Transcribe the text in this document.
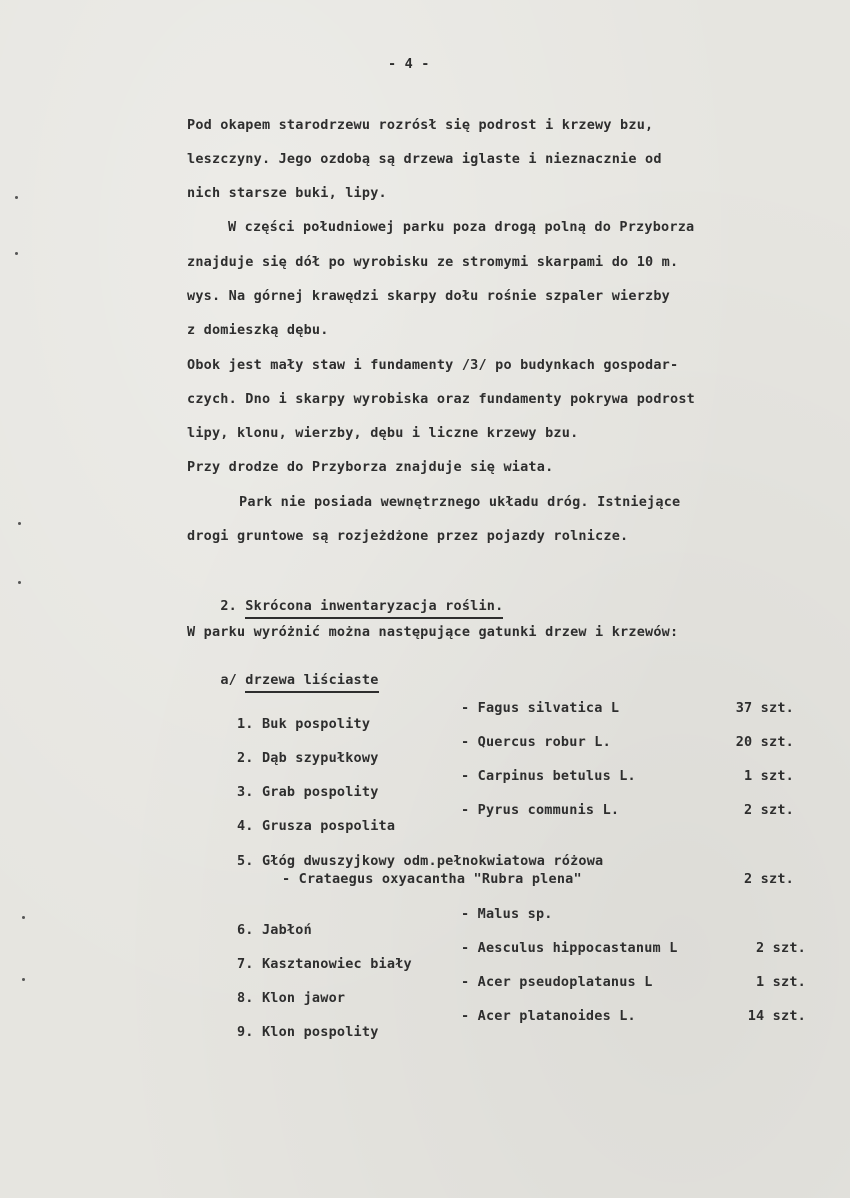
- 4 -
Pod okapem starodrzewu rozrósł się podrost i krzewy bzu,
leszczyny. Jego ozdobą są drzewa iglaste i nieznacznie od
nich starsze buki, lipy.
W części południowej parku poza drogą polną do Przyborza
znajduje się dół po wyrobisku ze stromymi skarpami do 10 m.
wys. Na górnej krawędzi skarpy dołu rośnie szpaler wierzby
z domieszką dębu.
Obok jest mały staw i fundamenty /3/ po budynkach gospodar-
czych. Dno i skarpy wyrobiska oraz fundamenty pokrywa podrost
lipy, klonu, wierzby, dębu i liczne krzewy bzu.
Przy drodze do Przyborza znajduje się wiata.
Park nie posiada wewnętrznego układu dróg. Istniejące
drogi gruntowe są rozjeżdżone przez pojazdy rolnicze.

2. Skrócona inwentaryzacja roślin.

W parku wyróżnić można następujące gatunki drzew i krzewów:

a/ drzewa liściaste

1. Buk pospolity

- Fagus silvatica L	37 szt.

2. Dąb szypułkowy

- Quercus robur L.	20 szt.

3. Grab pospolity

- Carpinus betulus L.	1 szt.

4. Grusza pospolita

- Pyrus communis L.	2 szt.

5. Głóg dwuszyjkowy odm.pełnokwiatowa różowa

- Crataegus oxyacantha "Rubra plena"	2 szt.

6. Jabłoń

- Malus sp.

7. Kasztanowiec biały

- Aesculus hippocastanum L	2 szt.

8. Klon jawor

- Acer pseudoplatanus L	1 szt.

9. Klon pospolity

- Acer platanoides L.	14 szt.
